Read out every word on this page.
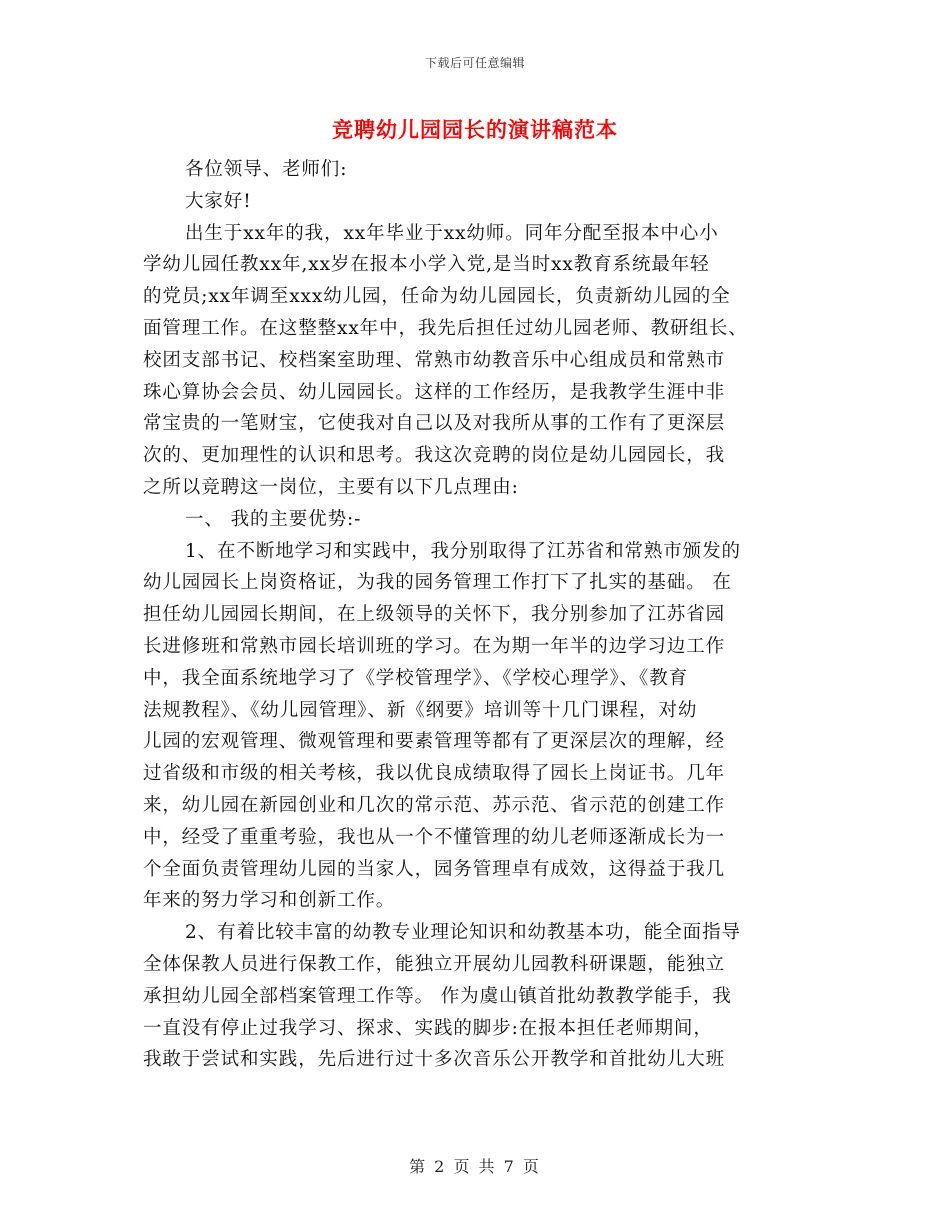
下载后可任意编辑
竞聘幼儿园园长的演讲稿范本
各位领导、老师们:
大家好!
出生于xx年的我，xx年毕业于xx幼师。同年分配至报本中心小
学幼儿园任教xx年,xx岁在报本小学入党,是当时xx教育系统最年轻
的党员;xx年调至xxx幼儿园，任命为幼儿园园长，负责新幼儿园的全
面管理工作。在这整整xx年中，我先后担任过幼儿园老师、教研组长、
校团支部书记、校档案室助理、常熟市幼教音乐中心组成员和常熟市
珠心算协会会员、幼儿园园长。这样的工作经历，是我教学生涯中非
常宝贵的一笔财宝，它使我对自己以及对我所从事的工作有了更深层
次的、更加理性的认识和思考。我这次竞聘的岗位是幼儿园园长，我
之所以竞聘这一岗位，主要有以下几点理由:
一、 我的主要优势:-
1、在不断地学习和实践中，我分别取得了江苏省和常熟市颁发的
幼儿园园长上岗资格证，为我的园务管理工作打下了扎实的基础。 在
担任幼儿园园长期间，在上级领导的关怀下，我分别参加了江苏省园
长进修班和常熟市园长培训班的学习。在为期一年半的边学习边工作
中，我全面系统地学习了《学校管理学》、《学校心理学》、《教育
法规教程》、《幼儿园管理》、新《纲要》培训等十几门课程，对幼
儿园的宏观管理、微观管理和要素管理等都有了更深层次的理解，经
过省级和市级的相关考核，我以优良成绩取得了园长上岗证书。几年
来，幼儿园在新园创业和几次的常示范、苏示范、省示范的创建工作
中，经受了重重考验，我也从一个不懂管理的幼儿老师逐渐成长为一
个全面负责管理幼儿园的当家人，园务管理卓有成效，这得益于我几
年来的努力学习和创新工作。
2、有着比较丰富的幼教专业理论知识和幼教基本功，能全面指导
全体保教人员进行保教工作，能独立开展幼儿园教科研课题，能独立
承担幼儿园全部档案管理工作等。 作为虞山镇首批幼教教学能手，我
一直没有停止过我学习、探求、实践的脚步:在报本担任老师期间，
我敢于尝试和实践，先后进行过十多次音乐公开教学和首批幼儿大班
第 2 页 共 7 页
